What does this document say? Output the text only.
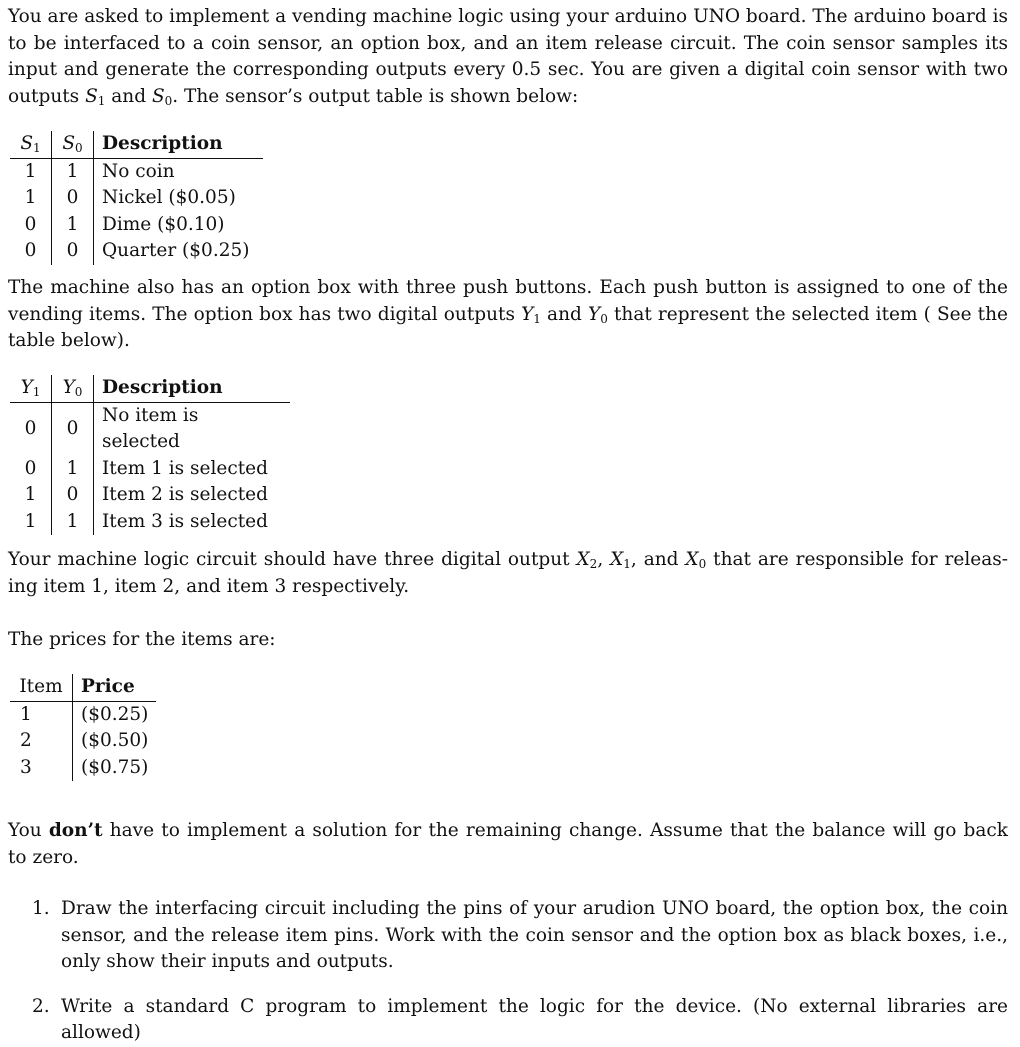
You are asked to implement a vending machine logic using your arduino UNO board. The arduino board is to be interfaced to a coin sensor, an option box, and an item release circuit. The coin sensor samples its input and generate the corresponding outputs every 0.5 sec. You are given a digital coin sensor with two outputs $S_1$ and $S_0$. The sensor’s output table is shown below:

$S_1$	$S_0$	Description
1	1	No coin
1	0	Nickel ($0.05)
0	1	Dime ($0.10)
0	0	Quarter ($0.25)

The machine also has an option box with three push buttons. Each push button is assigned to one of the vending items. The option box has two digital outputs $Y_1$ and $Y_0$ that represent the selected item ( See the table below).

$Y_1$	$Y_0$	Description
0	0	No item is selected
0	1	Item 1 is selected
1	0	Item 2 is selected
1	1	Item 3 is selected

Your machine logic circuit should have three digital output $X_2$, $X_1$, and $X_0$ that are responsible for releas-ing item 1, item 2, and item 3 respectively.

The prices for the items are:

Item	Price
1	($0.25)
2	($0.50)
3	($0.75)

You don’t have to implement a solution for the remaining change. Assume that the balance will go back to zero.

1. Draw the interfacing circuit including the pins of your arudion UNO board, the option box, the coin sensor, and the release item pins. Work with the coin sensor and the option box as black boxes, i.e., only show their inputs and outputs.
2. Write a standard C program to implement the logic for the device. (No external libraries are allowed)
